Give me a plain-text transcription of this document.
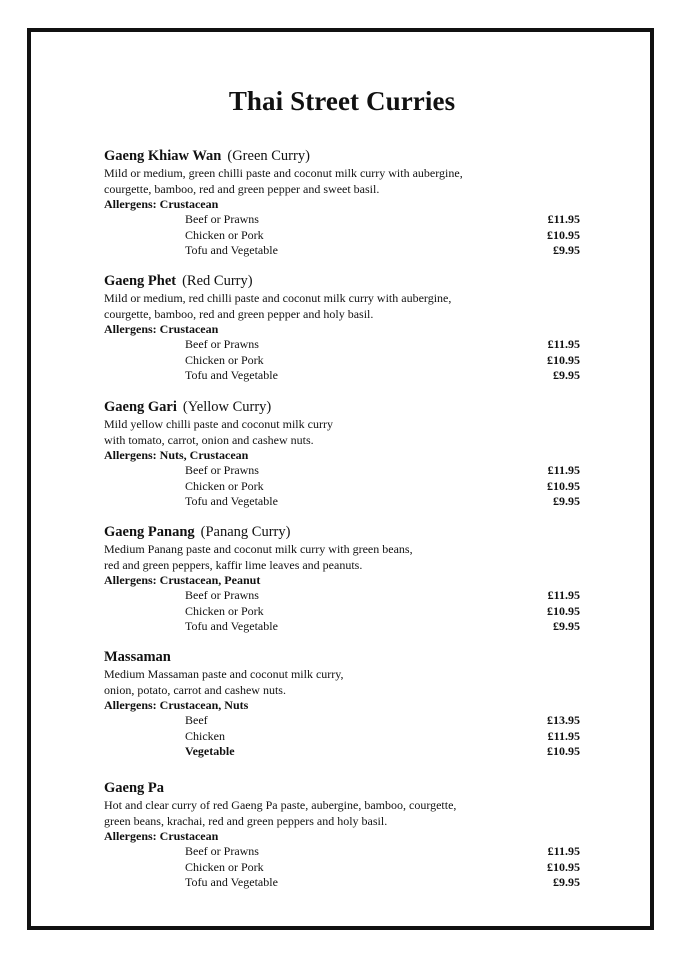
Thai Street Curries
Gaeng Khiaw Wan (Green Curry)
Mild or medium, green chilli paste and coconut milk curry with aubergine,
courgette, bamboo, red and green pepper and sweet basil.
Allergens: Crustacean
Beef or Prawns	£11.95
Chicken or Pork	£10.95
Tofu and Vegetable	£9.95
Gaeng Phet (Red Curry)
Mild or medium, red chilli paste and coconut milk curry with aubergine,
courgette, bamboo, red and green pepper and holy basil.
Allergens: Crustacean
Beef or Prawns	£11.95
Chicken or Pork	£10.95
Tofu and Vegetable	£9.95
Gaeng Gari (Yellow Curry)
Mild yellow chilli paste and coconut milk curry
with tomato, carrot, onion and cashew nuts.
Allergens: Nuts, Crustacean
Beef or Prawns	£11.95
Chicken or Pork	£10.95
Tofu and Vegetable	£9.95
Gaeng Panang (Panang Curry)
Medium Panang paste and coconut milk curry with green beans,
red and green peppers, kaffir lime leaves and peanuts.
Allergens: Crustacean, Peanut
Beef or Prawns	£11.95
Chicken or Pork	£10.95
Tofu and Vegetable	£9.95
Massaman
Medium Massaman paste and coconut milk curry,
onion, potato, carrot and cashew nuts.
Allergens: Crustacean, Nuts
Beef	£13.95
Chicken	£11.95
Vegetable	£10.95
Gaeng Pa
Hot and clear curry of red Gaeng Pa paste, aubergine, bamboo, courgette,
green beans, krachai, red and green peppers and holy basil.
Allergens: Crustacean
Beef or Prawns	£11.95
Chicken or Pork	£10.95
Tofu and Vegetable	£9.95
